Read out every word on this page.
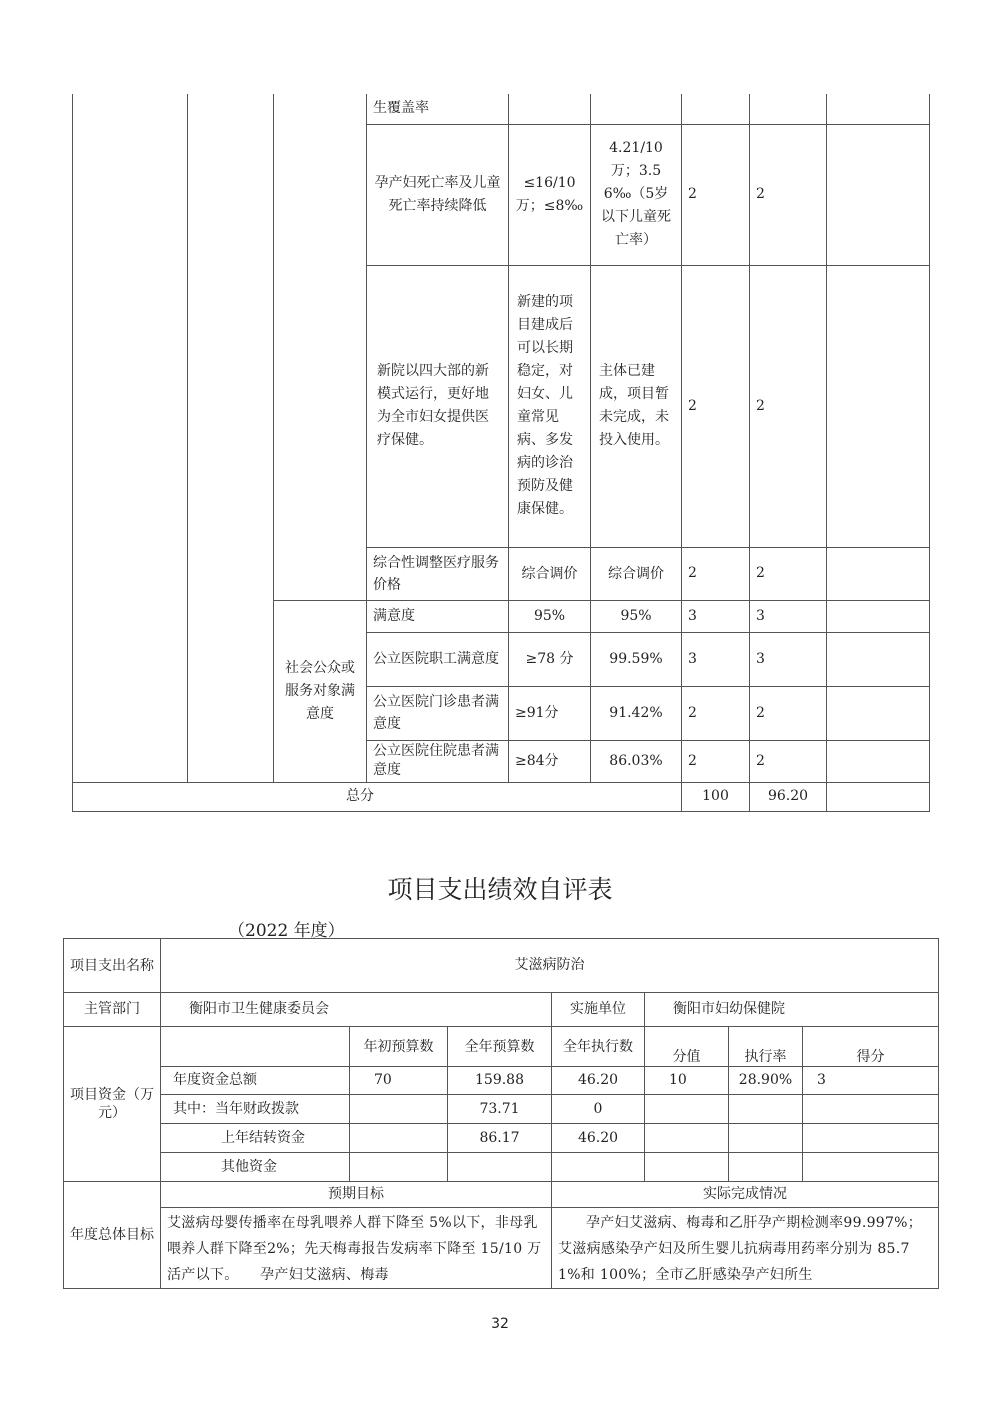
			生覆盖率					
			孕产妇死亡率及儿童死亡率持续降低	≤16/10万；≤8‰	4.21/10万；3.56‰（5岁以下儿童死亡率）	2	2	
			新院以四大部的新模式运行，更好地为全市妇女提供医疗保健。	新建的项目建成后可以长期稳定，对妇女、儿童常见病、多发病的诊治预防及健康保健。	主体已建成，项目暂未完成，未投入使用。	2	2	
			综合性调整医疗服务价格	综合调价	综合调价	2	2	
		社会公众或服务对象满意度	满意度	95%	95%	3	3	
			公立医院职工满意度	≥78 分	99.59%	3	3	
			公立医院门诊患者满意度	≥91分	91.42%	2	2	
			公立医院住院患者满意度	≥84分	86.03%	2	2	
总分						100	96.20	
项目支出绩效自评表
（2022 年度）
项目支出名称	艾滋病防治						
主管部门	衡阳市卫生健康委员会			实施单位	衡阳市妇幼保健院		
项目资金（万元）		年初预算数	全年预算数	全年执行数	分值	执行率	得分
	年度资金总额	70	159.88	46.20	10	28.90%	3
	其中：当年财政拨款		73.71	0			
	上年结转资金		86.17	46.20			
	其他资金						
年度总体目标	预期目标			实际完成情况			
	艾滋病母婴传播率在母乳喂养人群下降至 5%以下，非母乳喂养人群下降至2%；先天梅毒报告发病率下降至 15/10 万活产以下。　　孕产妇艾滋病、梅毒			孕产妇艾滋病、梅毒和乙肝孕产期检测率99.997%；艾滋病感染孕产妇及所生婴儿抗病毒用药率分别为 85.71%和 100%；全市乙肝感染孕产妇所生			
32
